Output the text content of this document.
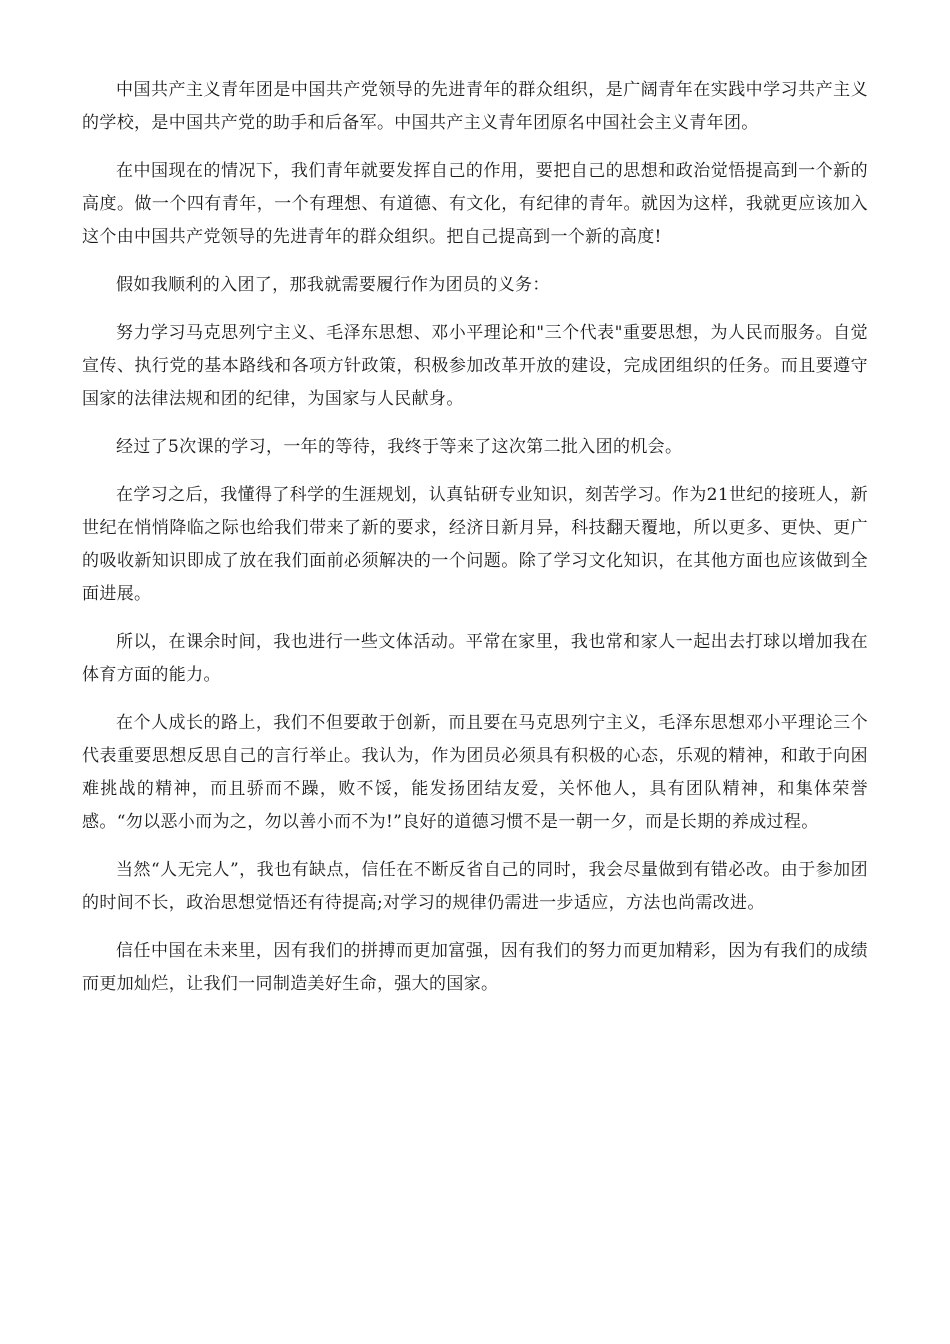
中国共产主义青年团是中国共产党领导的先进青年的群众组织，是广阔青年在实践中学习共产主义的学校，是中国共产党的助手和后备军。中国共产主义青年团原名中国社会主义青年团。

在中国现在的情况下，我们青年就要发挥自己的作用，要把自己的思想和政治觉悟提高到一个新的高度。做一个四有青年，一个有理想、有道德、有文化，有纪律的青年。就因为这样，我就更应该加入这个由中国共产党领导的先进青年的群众组织。把自己提高到一个新的高度!

假如我顺利的入团了，那我就需要履行作为团员的义务：

努力学习马克思列宁主义、毛泽东思想、邓小平理论和"三个代表"重要思想，为人民而服务。自觉宣传、执行党的基本路线和各项方针政策，积极参加改革开放的建设，完成团组织的任务。而且要遵守国家的法律法规和团的纪律，为国家与人民献身。

经过了5次课的学习，一年的等待，我终于等来了这次第二批入团的机会。

在学习之后，我懂得了科学的生涯规划，认真钻研专业知识，刻苦学习。作为21世纪的接班人，新世纪在悄悄降临之际也给我们带来了新的要求，经济日新月异，科技翻天覆地，所以更多、更快、更广的吸收新知识即成了放在我们面前必须解决的一个问题。除了学习文化知识，在其他方面也应该做到全面进展。

所以，在课余时间，我也进行一些文体活动。平常在家里，我也常和家人一起出去打球以增加我在体育方面的能力。

在个人成长的路上，我们不但要敢于创新，而且要在马克思列宁主义，毛泽东思想邓小平理论三个代表重要思想反思自己的言行举止。我认为，作为团员必须具有积极的心态，乐观的精神，和敢于向困难挑战的精神，而且骄而不躁，败不馁，能发扬团结友爱，关怀他人，具有团队精神，和集体荣誉感。“勿以恶小而为之，勿以善小而不为!”良好的道德习惯不是一朝一夕，而是长期的养成过程。

当然“人无完人”，我也有缺点，信任在不断反省自己的同时，我会尽量做到有错必改。由于参加团的时间不长，政治思想觉悟还有待提高;对学习的规律仍需进一步适应，方法也尚需改进。

信任中国在未来里，因有我们的拼搏而更加富强，因有我们的努力而更加精彩，因为有我们的成绩而更加灿烂，让我们一同制造美好生命，强大的国家。
